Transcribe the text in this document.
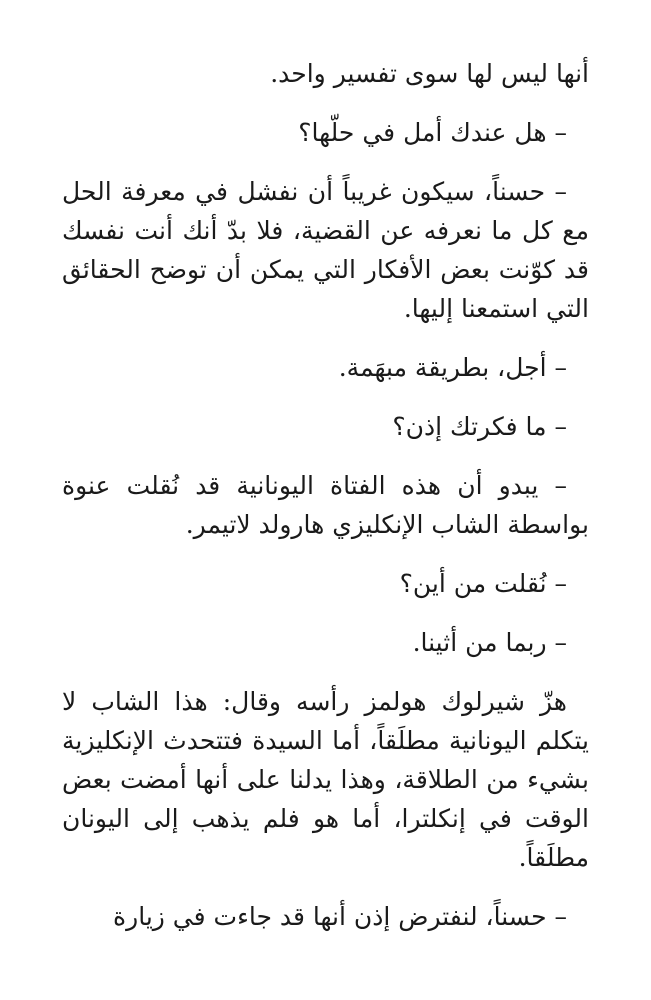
أنها ليس لها سوى تفسير واحد.

– هل عندك أمل في حلّها؟

– حسناً، سيكون غريباً أن نفشل في معرفة الحل مع كل ما نعرفه عن القضية، فلا بدّ أنك أنت نفسك قد كوّنت بعض الأفكار التي يمكن أن توضح الحقائق التي استمعنا إليها.

– أجل، بطريقة مبهَمة.

– ما فكرتك إذن؟

– يبدو أن هذه الفتاة اليونانية قد نُقلت عنوة بواسطة الشاب الإنكليزي هارولد لاتيمر.

– نُقلت من أين؟

– ربما من أثينا.

هزّ شيرلوك هولمز رأسه وقال: هذا الشاب لا يتكلم اليونانية مطلَقاً، أما السيدة فتتحدث الإنكليزية بشيء من الطلاقة، وهذا يدلنا على أنها أمضت بعض الوقت في إنكلترا، أما هو فلم يذهب إلى اليونان مطلَقاً.

– حسناً، لنفترض إذن أنها قد جاءت في زيارة
